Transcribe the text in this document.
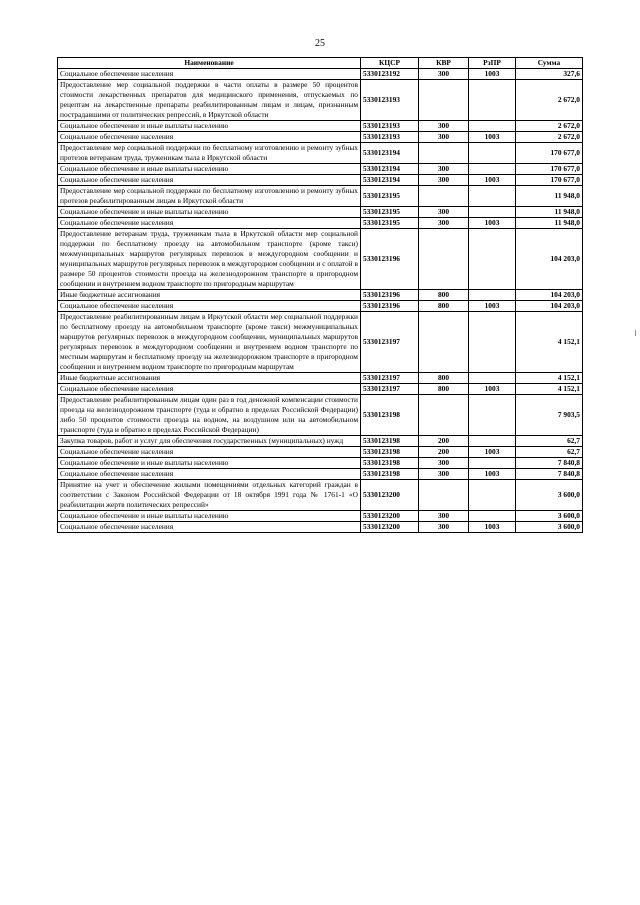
25
Наименование	КЦСР	КВР	РзПР	Сумма
Социальное обеспечение населения	5330123192	300	1003	327,6
Предоставление мер социальной поддержки в части оплаты в размере 50 процентов стоимости лекарственных препаратов для медицинского применения, отпускаемых по рецептам на лекарственные препараты реабилитированным лицам и лицам, признанным пострадавшими от политических репрессий, в Иркутской области	5330123193			2 672,0
Социальное обеспечение и иные выплаты населению	5330123193	300		2 672,0
Социальное обеспечение населения	5330123193	300	1003	2 672,0
Предоставление мер социальной поддержки по бесплатному изготовлению и ремонту зубных протезов ветеранам труда, труженикам тыла в Иркутской области	5330123194			170 677,0
Социальное обеспечение и иные выплаты населению	5330123194	300		170 677,0
Социальное обеспечение населения	5330123194	300	1003	170 677,0
Предоставление мер социальной поддержки по бесплатному изготовлению и ремонту зубных протезов реабилитированным лицам в Иркутской области	5330123195			11 948,0
Социальное обеспечение и иные выплаты населению	5330123195	300		11 948,0
Социальное обеспечение населения	5330123195	300	1003	11 948,0
Предоставление ветеранам труда, труженикам тыла в Иркутской области мер социальной поддержки по бесплатному проезду на автомобильном транспорте (кроме такси) межмуниципальных маршрутов регулярных перевозок в междугородном сообщении и муниципальных маршрутов регулярных перевозок в междугородном сообщении и с оплатой в размере 50 процентов стоимости проезда на железнодорожном транспорте в пригородном сообщении и внутреннем водном транспорте по пригородным маршрутам	5330123196			104 203,0
Иные бюджетные ассигнования	5330123196	800		104 203,0
Социальное обеспечение населения	5330123196	800	1003	104 203,0
Предоставление реабилитированным лицам в Иркутской области мер социальной поддержки по бесплатному проезду на автомобильном транспорте (кроме такси) межмуниципальных маршрутов регулярных перевозок в междугородном сообщении, муниципальных маршрутов регулярных перевозок в междугородном сообщении и внутреннем водном транспорте по местным маршрутам и бесплатному проезду на железнодорожном транспорте в пригородном сообщении и внутреннем водном транспорте по пригородным маршрутам	5330123197			4 152,1
Иные бюджетные ассигнования	5330123197	800		4 152,1
Социальное обеспечение населения	5330123197	800	1003	4 152,1
Предоставление реабилитированным лицам один раз в год денежной компенсации стоимости проезда на железнодорожном транспорте (туда и обратно в пределах Российской Федерации) либо 50 процентов стоимости проезда на водном, на воздушном или на автомобильном транспорте (туда и обратно в пределах Российской Федерации)	5330123198			7 903,5
Закупка товаров, работ и услуг для обеспечения государственных (муниципальных) нужд	5330123198	200		62,7
Социальное обеспечение населения	5330123198	200	1003	62,7
Социальное обеспечение и иные выплаты населению	5330123198	300		7 840,8
Социальное обеспечение населения	5330123198	300	1003	7 840,8
Принятие на учет и обеспечение жилыми помещениями отдельных категорий граждан в соответствии с Законом Российской Федерации от 18 октября 1991 года № 1761-1 «О реабилитации жертв политических репрессий»	5330123200			3 600,0
Социальное обеспечение и иные выплаты населению	5330123200	300		3 600,0
Социальное обеспечение населения	5330123200	300	1003	3 600,0
